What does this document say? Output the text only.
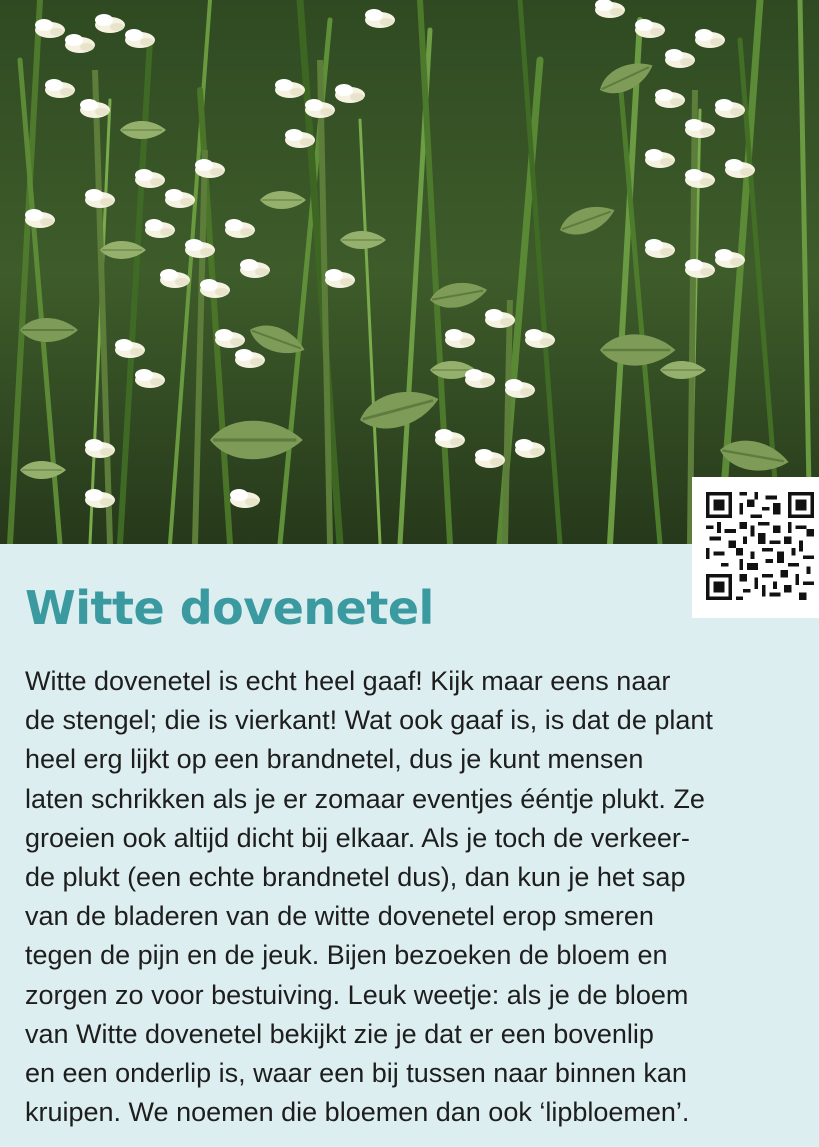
Witte dovenetel

Witte dovenetel is echt heel gaaf! Kijk maar eens naar
de stengel; die is vierkant! Wat ook gaaf is, is dat de plant
heel erg lijkt op een brandnetel, dus je kunt mensen
laten schrikken als je er zomaar eventjes ééntje plukt. Ze
groeien ook altijd dicht bij elkaar. Als je toch de verkeer-
de plukt (een echte brandnetel dus), dan kun je het sap
van de bladeren van de witte dovenetel erop smeren
tegen de pijn en de jeuk. Bijen bezoeken de bloem en
zorgen zo voor bestuiving. Leuk weetje: als je de bloem
van Witte dovenetel bekijkt zie je dat er een bovenlip
en een onderlip is, waar een bij tussen naar binnen kan
kruipen. We noemen die bloemen dan ook ‘lipbloemen’.
